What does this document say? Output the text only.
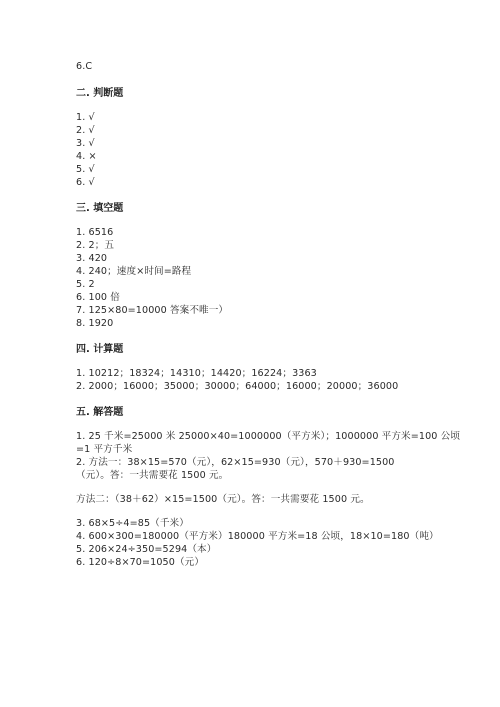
6.C
二. 判断题
1. √
2. √
3. √
4. ×
5. √
6. √
三. 填空题
1. 6516
2. 2；五
3. 420
4. 240；速度×时间=路程
5. 2
6. 100 倍
7. 125×80=10000 答案不唯一）
8. 1920
四. 计算题
1. 10212；18324；14310；14420；16224；3363
2. 2000；16000；35000；30000；64000；16000；20000；36000
五. 解答题
1. 25 千米=25000 米 25000×40=1000000（平方米）；1000000 平方米=100 公顷
=1 平方千米
2. 方法一：38×15=570（元），62×15=930（元），570＋930=1500
（元）。答：一共需要花 1500 元。
方法二：（38＋62）×15=1500（元）。答：一共需要花 1500 元。
3. 68×5÷4=85（千米）
4. 600×300=180000（平方米）180000 平方米=18 公顷，18×10=180（吨）
5. 206×24÷350=5294（本）
6. 120÷8×70=1050（元）
